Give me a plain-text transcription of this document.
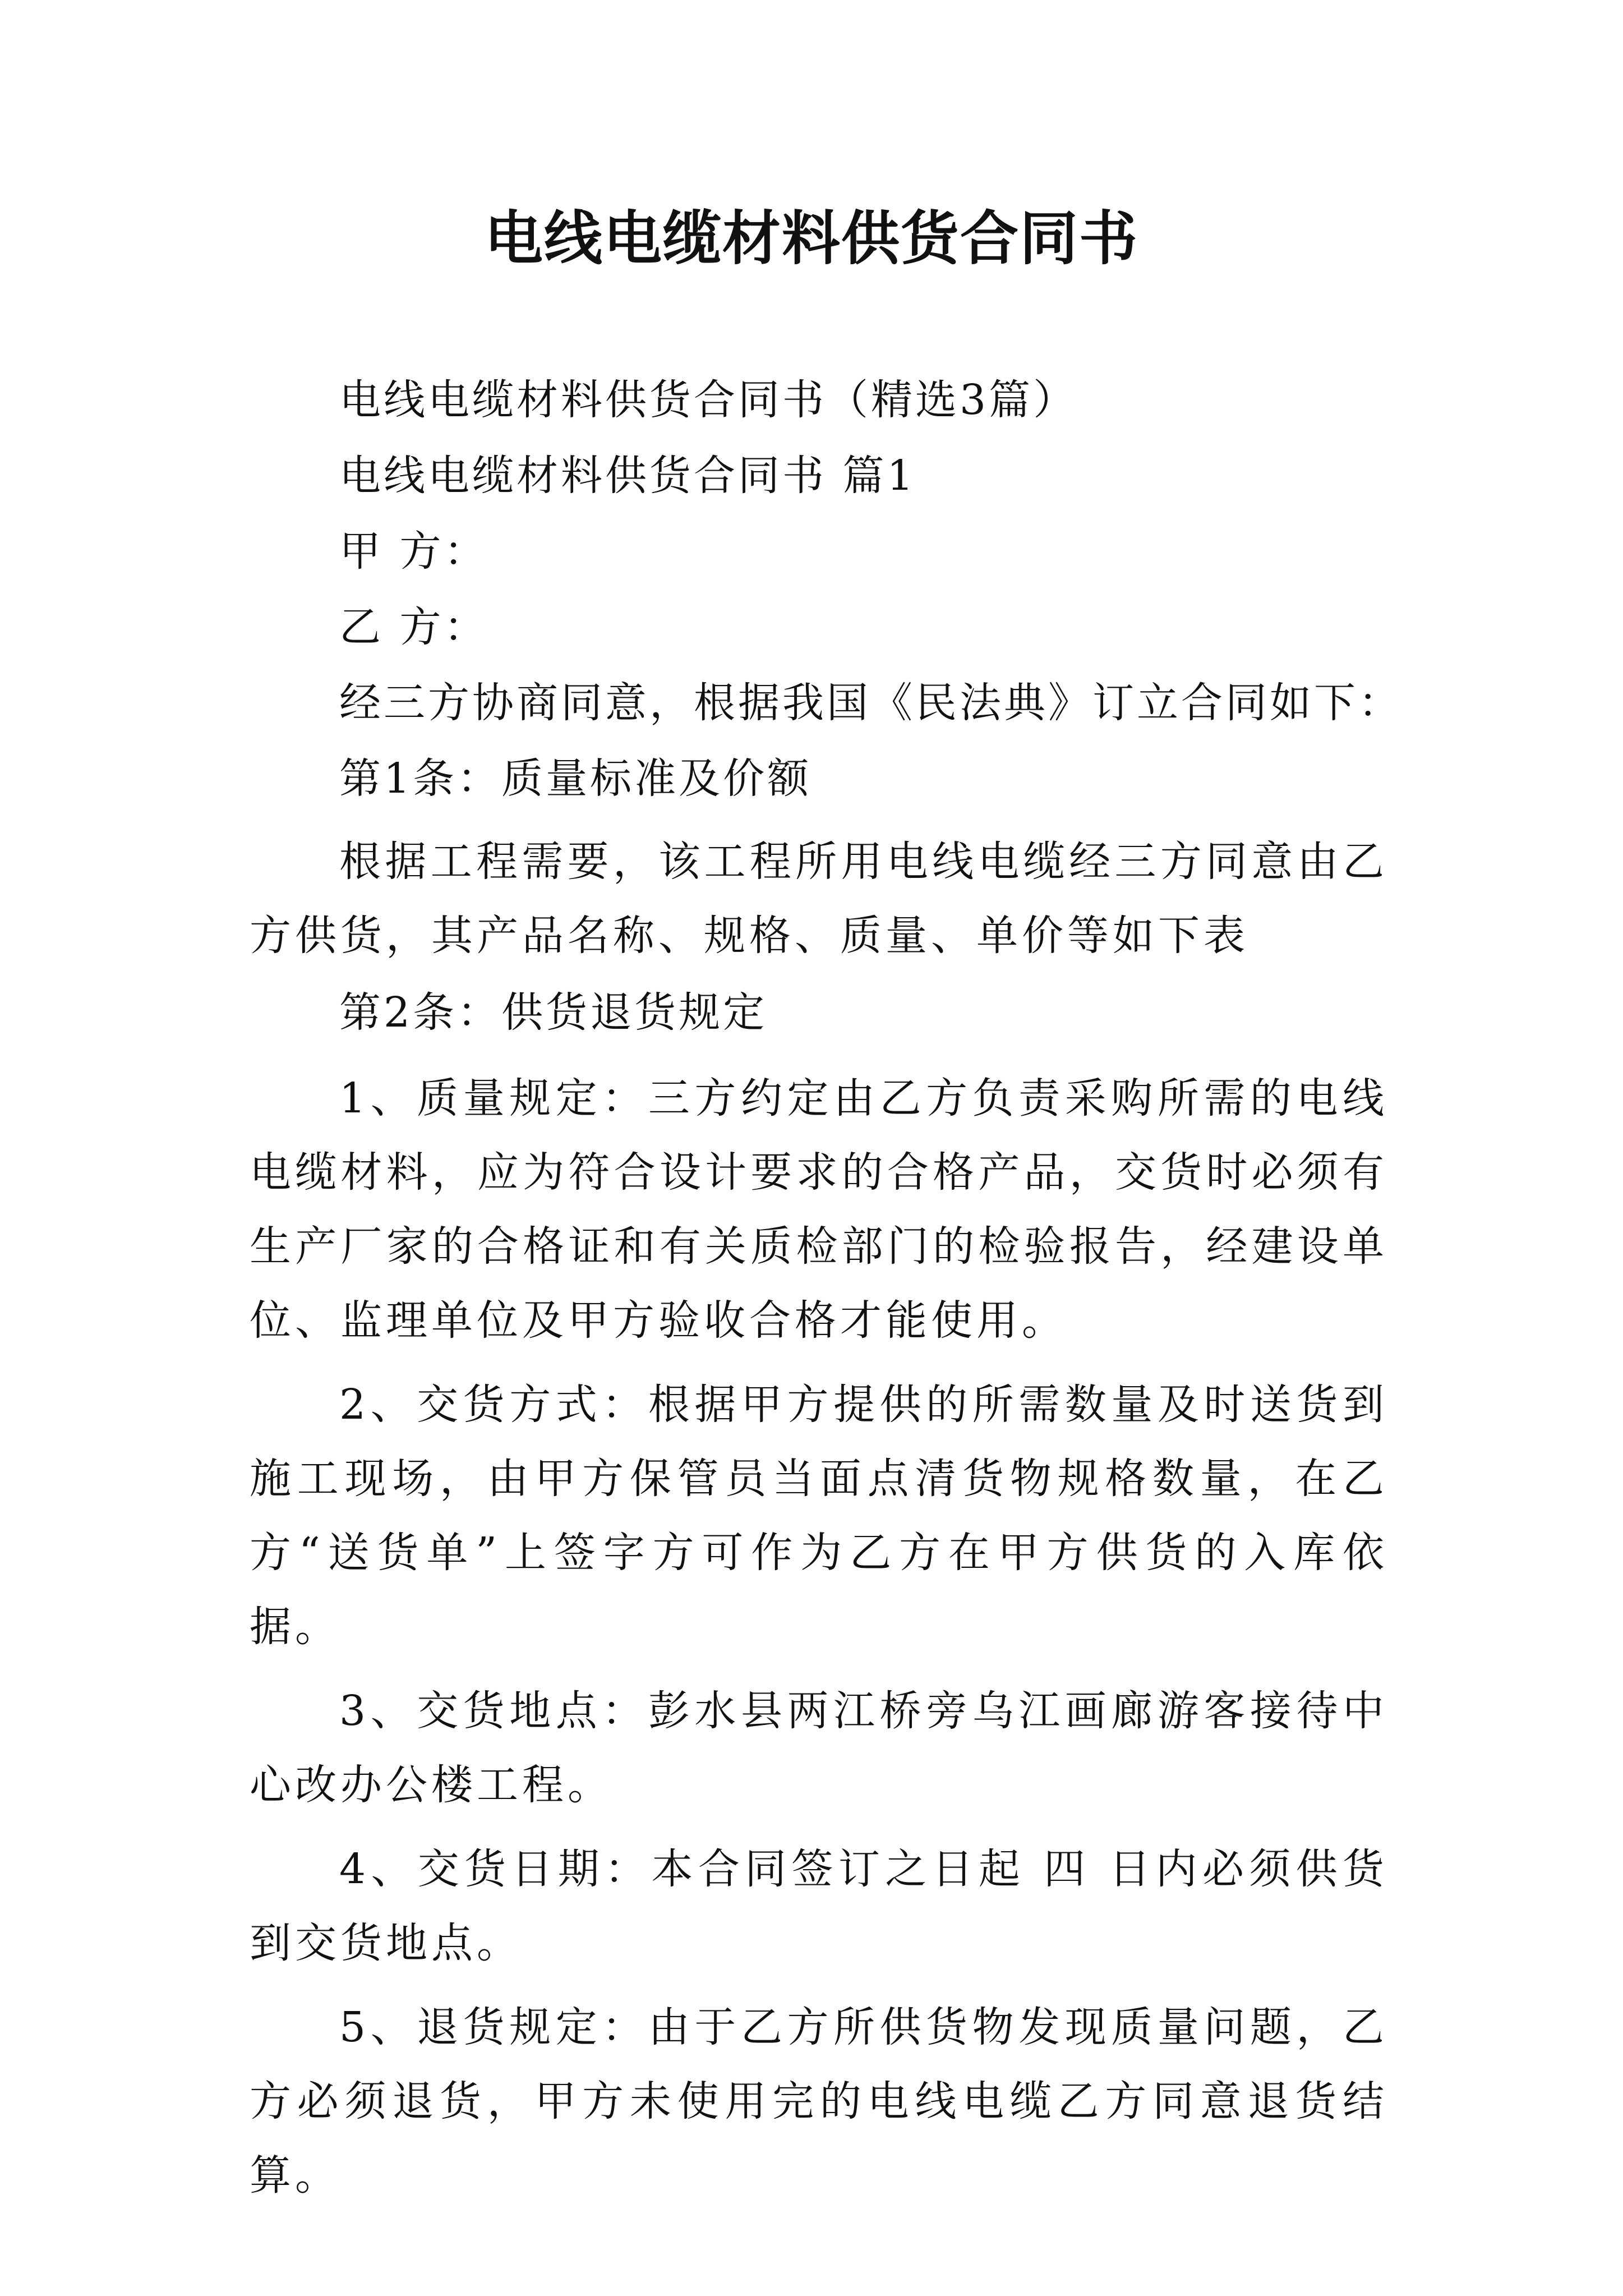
电线电缆材料供货合同书
电线电缆材料供货合同书（精选3篇）
电线电缆材料供货合同书 篇1
甲 方：
乙 方：
经三方协商同意，根据我国《民法典》订立合同如下：
第1条：质量标准及价额
根据工程需要，该工程所用电线电缆经三方同意由乙方供货，其产品名称、规格、质量、单价等如下表
第2条：供货退货规定
1、质量规定：三方约定由乙方负责采购所需的电线电缆材料，应为符合设计要求的合格产品，交货时必须有生产厂家的合格证和有关质检部门的检验报告，经建设单位、监理单位及甲方验收合格才能使用。
2、交货方式：根据甲方提供的所需数量及时送货到施工现场，由甲方保管员当面点清货物规格数量，在乙方“送货单”上签字方可作为乙方在甲方供货的入库依据。
3、交货地点：彭水县两江桥旁乌江画廊游客接待中心改办公楼工程。
4、交货日期：本合同签订之日起 四 日内必须供货到交货地点。
5、退货规定：由于乙方所供货物发现质量问题，乙方必须退货，甲方未使用完的电线电缆乙方同意退货结算。
